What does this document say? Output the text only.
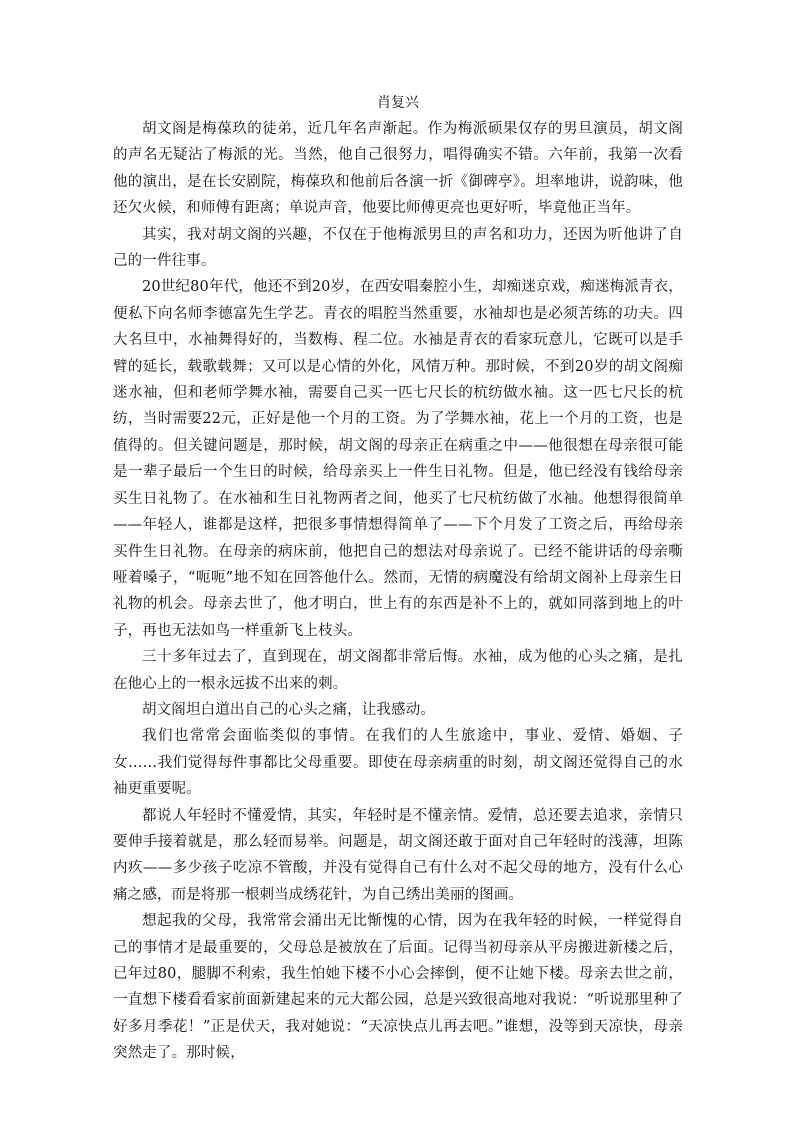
肖复兴

胡文阁是梅葆玖的徒弟，近几年名声渐起。作为梅派硕果仅存的男旦演员，胡文阁的声名无疑沾了梅派的光。当然，他自己很努力，唱得确实不错。六年前，我第一次看他的演出，是在长安剧院，梅葆玖和他前后各演一折《御碑亭》。坦率地讲，说韵味，他还欠火候，和师傅有距离；单说声音，他要比师傅更亮也更好听，毕竟他正当年。

其实，我对胡文阁的兴趣，不仅在于他梅派男旦的声名和功力，还因为听他讲了自己的一件往事。

20世纪80年代，他还不到20岁，在西安唱秦腔小生，却痴迷京戏，痴迷梅派青衣，便私下向名师李德富先生学艺。青衣的唱腔当然重要，水袖却也是必须苦练的功夫。四大名旦中，水袖舞得好的，当数梅、程二位。水袖是青衣的看家玩意儿，它既可以是手臂的延长，载歌载舞；又可以是心情的外化，风情万种。那时候，不到20岁的胡文阁痴迷水袖，但和老师学舞水袖，需要自己买一匹七尺长的杭纺做水袖。这一匹七尺长的杭纺，当时需要22元，正好是他一个月的工资。为了学舞水袖，花上一个月的工资，也是值得的。但关键问题是，那时候，胡文阁的母亲正在病重之中——他很想在母亲很可能是一辈子最后一个生日的时候，给母亲买上一件生日礼物。但是，他已经没有钱给母亲买生日礼物了。在水袖和生日礼物两者之间，他买了七尺杭纺做了水袖。他想得很简单——年轻人，谁都是这样，把很多事情想得简单了——下个月发了工资之后，再给母亲买件生日礼物。在母亲的病床前，他把自己的想法对母亲说了。已经不能讲话的母亲嘶哑着嗓子，“呃呃”地不知在回答他什么。然而，无情的病魔没有给胡文阁补上母亲生日礼物的机会。母亲去世了，他才明白，世上有的东西是补不上的，就如同落到地上的叶子，再也无法如鸟一样重新飞上枝头。

三十多年过去了，直到现在，胡文阁都非常后悔。水袖，成为他的心头之痛，是扎在他心上的一根永远拔不出来的刺。

胡文阁坦白道出自己的心头之痛，让我感动。

我们也常常会面临类似的事情。在我们的人生旅途中，事业、爱情、婚姻、子女……我们觉得每件事都比父母重要。即使在母亲病重的时刻，胡文阁还觉得自己的水袖更重要呢。

都说人年轻时不懂爱情，其实，年轻时是不懂亲情。爱情，总还要去追求，亲情只要伸手接着就是，那么轻而易举。问题是，胡文阁还敢于面对自己年轻时的浅薄，坦陈内疚——多少孩子吃凉不管酸，并没有觉得自己有什么对不起父母的地方，没有什么心痛之感，而是将那一根刺当成绣花针，为自己绣出美丽的图画。

想起我的父母，我常常会涌出无比惭愧的心情，因为在我年轻的时候，一样觉得自己的事情才是最重要的，父母总是被放在了后面。记得当初母亲从平房搬进新楼之后，已年过80，腿脚不利索，我生怕她下楼不小心会摔倒，便不让她下楼。母亲去世之前，一直想下楼看看家前面新建起来的元大都公园，总是兴致很高地对我说：“听说那里种了好多月季花！”正是伏天，我对她说：“天凉快点儿再去吧。”谁想，没等到天凉快，母亲突然走了。那时候，
